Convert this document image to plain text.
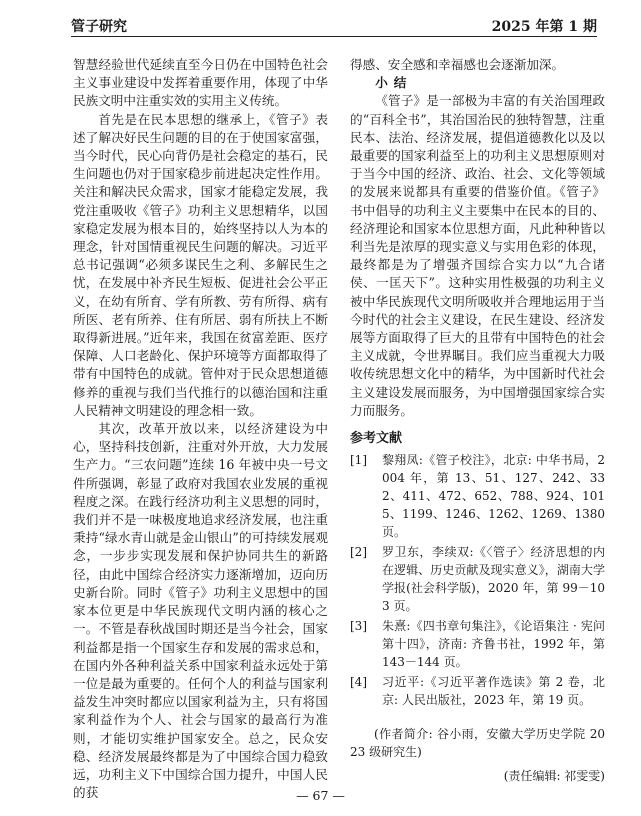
管子研究	2025 年第 1 期

智慧经验世代延续直至今日仍在中国特色社会主义事业建设中发挥着重要作用，体现了中华民族文明中注重实效的实用主义传统。

首先是在民本思想的继承上，《管子》表述了解决好民生问题的目的在于使国家富强，当今时代，民心向背仍是社会稳定的基石，民生问题也仍对于国家稳步前进起决定性作用。关注和解决民众需求，国家才能稳定发展，我党注重吸收《管子》功利主义思想精华，以国家稳定发展为根本目的，始终坚持以人为本的理念，针对国情重视民生问题的解决。习近平总书记强调“必须多谋民生之利、多解民生之忧，在发展中补齐民生短板、促进社会公平正义，在幼有所育、学有所教、劳有所得、病有所医、老有所养、住有所居、弱有所扶上不断取得新进展。”近年来，我国在贫富差距、医疗保障、人口老龄化、保护环境等方面都取得了带有中国特色的成就。管仲对于民众思想道德修养的重视与我们当代推行的以德治国和注重人民精神文明建设的理念相一致。

其次，改革开放以来，以经济建设为中心，坚持科技创新，注重对外开放，大力发展生产力。“三农问题”连续 16 年被中央一号文件所强调，彰显了政府对我国农业发展的重视程度之深。在践行经济功利主义思想的同时，我们并不是一味极度地追求经济发展，也注重秉持“绿水青山就是金山银山”的可持续发展观念，一步步实现发展和保护协同共生的新路径，由此中国综合经济实力逐渐增加，迈向历史新台阶。同时《管子》功利主义思想中的国家本位更是中华民族现代文明内涵的核心之一。不管是春秋战国时期还是当今社会，国家利益都是指一个国家生存和发展的需求总和，在国内外各种利益关系中国家利益永远处于第一位是最为重要的。任何个人的利益与国家利益发生冲突时都应以国家利益为主，只有将国家利益作为个人、社会与国家的最高行为准则，才能切实维护国家安全。总之，民众安稳、经济发展最终都是为了中国综合国力稳致远，功利主义下中国综合国力提升，中国人民的获

得感、安全感和幸福感也会逐渐加深。

小结

《管子》是一部极为丰富的有关治国理政的“百科全书”，其治国治民的独特智慧，注重民本、法治、经济发展，提倡道德教化以及以最重要的国家利益至上的功利主义思想原则对于当今中国的经济、政治、社会、文化等领域的发展来说都具有重要的借鉴价值。《管子》书中倡导的功利主义主要集中在民本的目的、经济理论和国家本位思想方面，凡此种种皆以利当先是浓厚的现实意义与实用色彩的体现，最终都是为了增强齐国综合实力以“九合诸侯、一匡天下”。这种实用性极强的功利主义被中华民族现代文明所吸收并合理地运用于当今时代的社会主义建设，在民生建设、经济发展等方面取得了巨大的且带有中国特色的社会主义成就，令世界瞩目。我们应当重视大力吸收传统思想文化中的精华，为中国新时代社会主义建设发展而服务，为中国增强国家综合实力而服务。

参考文献
[1]	黎翔凤:《管子校注》，北京: 中华书局，2004 年，第 13、51、127、242、332、411、472、652、788、924、1015、1199、1246、1262、1269、1380 页。
[2]	罗卫东，李续双:《〈管子〉经济思想的内在逻辑、历史贡献及现实意义》，湖南大学学报(社会科学版)，2020 年，第 99－103 页。
[3]	朱熹:《四书章句集注》，《论语集注 · 宪问第十四》，济南: 齐鲁书社，1992 年，第 143－144 页。
[4]	习近平:《习近平著作选读》第 2 卷，北京: 人民出版社，2023 年，第 19 页。

(作者简介: 谷小雨，安徽大学历史学院 2023 级研究生)

(责任编辑: 祁雯雯)

— 67 —
